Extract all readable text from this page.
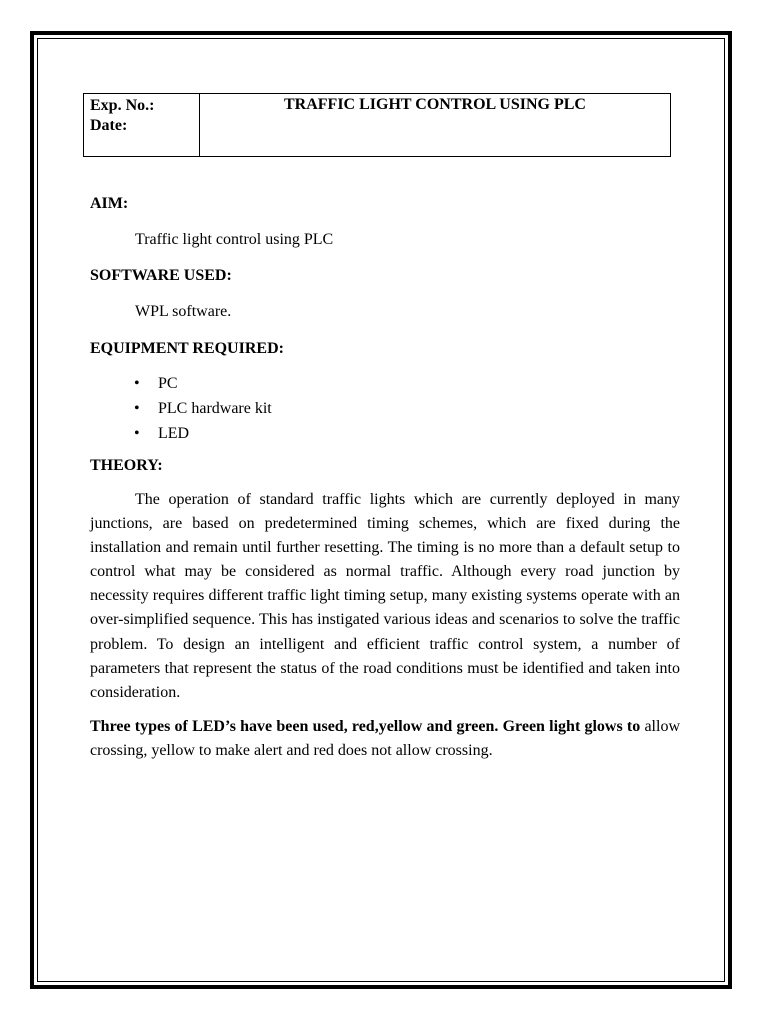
Exp. No.:
Date:
TRAFFIC LIGHT CONTROL USING PLC
AIM:

Traffic light control using PLC

SOFTWARE USED:

WPL software.

EQUIPMENT REQUIRED:
• PC
• PLC hardware kit
• LED
THEORY:

The operation of standard traffic lights which are currently deployed in many junctions, are based on predetermined timing schemes, which are fixed during the installation and remain until further resetting. The timing is no more than a default setup to control what may be considered as normal traffic. Although every road junction by necessity requires different traffic light timing setup, many existing systems operate with an over-simplified sequence. This has instigated various ideas and scenarios to solve the traffic problem. To design an intelligent and efficient traffic control system, a number of parameters that represent the status of the road conditions must be identified and taken into consideration.

Three types of LED’s have been used, red,yellow and green. Green light glows to allow crossing, yellow to make alert and red does not allow crossing.
